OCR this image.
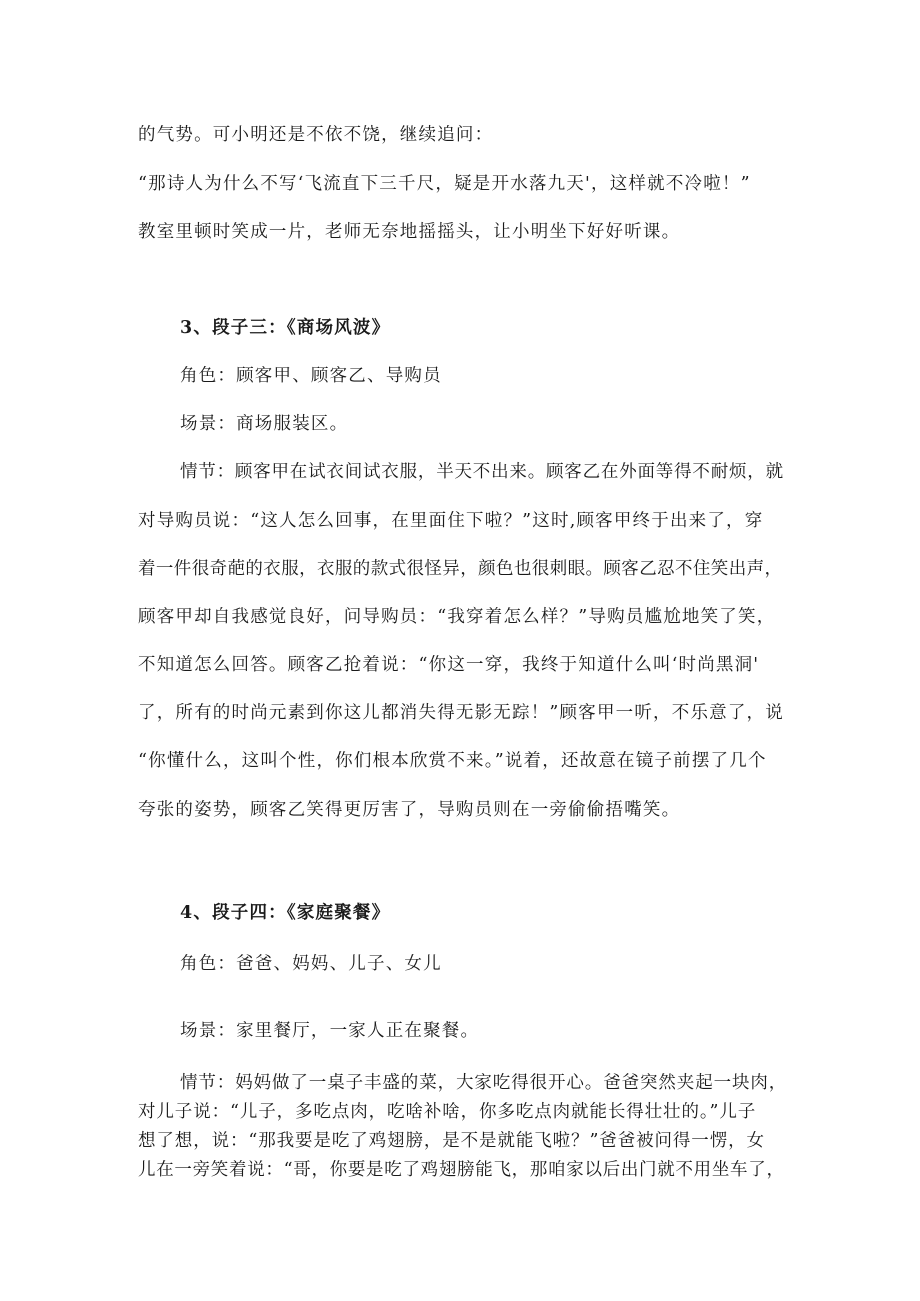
的气势。可小明还是不依不饶，继续追问：
“那诗人为什么不写‘飞流直下三千尺，疑是开水落九天'，这样就不冷啦！”
教室里顿时笑成一片，老师无奈地摇摇头，让小明坐下好好听课。
3、段子三：《商场风波》
角色：顾客甲、顾客乙、导购员
场景：商场服装区。
情节：顾客甲在试衣间试衣服，半天不出来。顾客乙在外面等得不耐烦，就
对导购员说：“这人怎么回事，在里面住下啦？”这时,顾客甲终于出来了，穿
着一件很奇葩的衣服，衣服的款式很怪异，颜色也很刺眼。顾客乙忍不住笑出声，
顾客甲却自我感觉良好，问导购员：“我穿着怎么样？”导购员尴尬地笑了笑，
不知道怎么回答。顾客乙抢着说：“你这一穿，我终于知道什么叫‘时尚黑洞'
了，所有的时尚元素到你这儿都消失得无影无踪！”顾客甲一听，不乐意了，说
“你懂什么，这叫个性，你们根本欣赏不来。”说着，还故意在镜子前摆了几个
夸张的姿势，顾客乙笑得更厉害了，导购员则在一旁偷偷捂嘴笑。
4、段子四：《家庭聚餐》
角色：爸爸、妈妈、儿子、女儿
场景：家里餐厅，一家人正在聚餐。
情节：妈妈做了一桌子丰盛的菜，大家吃得很开心。爸爸突然夹起一块肉，
对儿子说：“儿子，多吃点肉，吃啥补啥，你多吃点肉就能长得壮壮的。”儿子
想了想，说：“那我要是吃了鸡翅膀，是不是就能飞啦？”爸爸被问得一愣，女
儿在一旁笑着说：“哥，你要是吃了鸡翅膀能飞，那咱家以后出门就不用坐车了，
